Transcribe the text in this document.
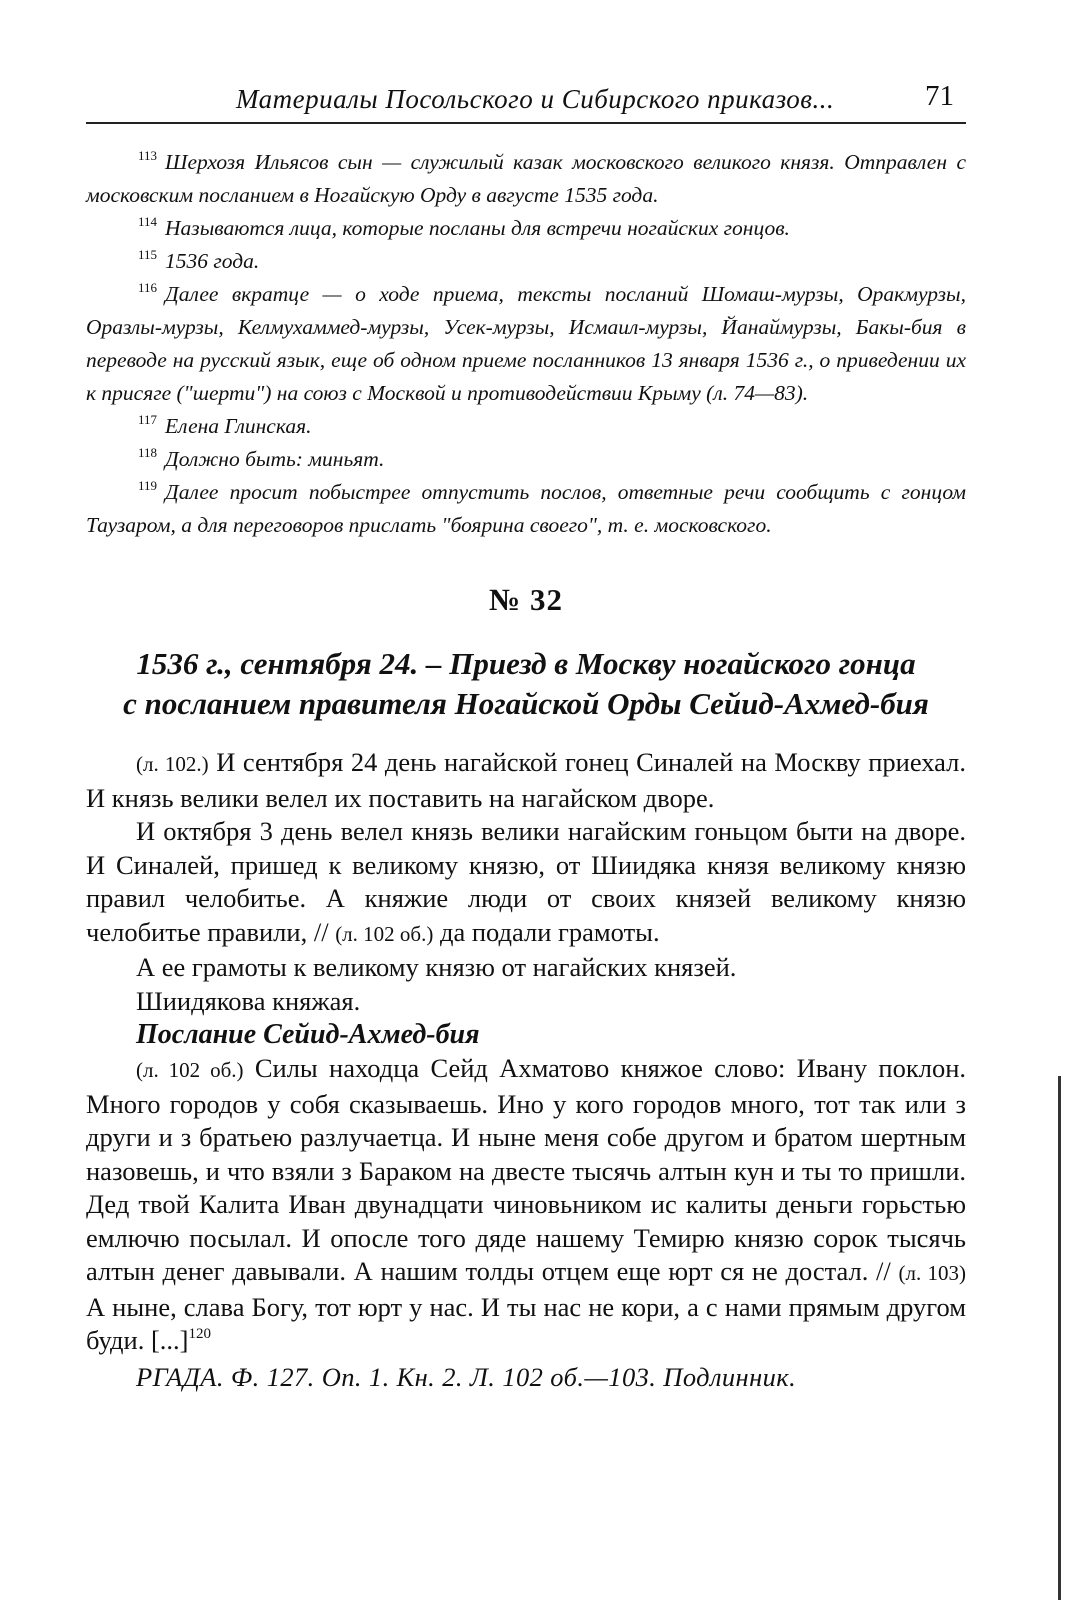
Материалы Посольского и Сибирского приказов...	71

$^{113}$ Шерхозя Ильясов сын — служилый казак московского великого князя. Отправлен с московским посланием в Ногайскую Орду в августе 1535 года.

$^{114}$ Называются лица, которые посланы для встречи ногайских гонцов.

$^{115}$ 1536 года.

$^{116}$ Далее вкратце — о ходе приема, тексты посланий Шомаш-мурзы, Оракмурзы, Оразлы-мурзы, Келмухаммед-мурзы, Усек-мурзы, Исмаил-мурзы, Йанаймурзы, Бакы-бия в переводе на русский язык, еще об одном приеме посланников 13 января 1536 г., о приведении их к присяге ("шерти") на союз с Москвой и противодействии Крыму (л. 74—83).

$^{117}$ Елена Глинская.

$^{118}$ Должно быть: миньят.

$^{119}$ Далее просит побыстрее отпустить послов, ответные речи сообщить с гонцом Таузаром, а для переговоров прислать "боярина своего", т. е. московского.

№ 32
1536 г., сентября 24. – Приезд в Москву ногайского гонца
с посланием правителя Ногайской Орды Сейид-Ахмед-бия

(л. 102.) И сентября 24 день нагайской гонец Синалей на Москву приехал. И князь велики велел их поставить на нагайском дворе.

И октября 3 день велел князь велики нагайским гоньцом быти на дворе. И Синалей, пришед к великому князю, от Шиидяка князя великому князю правил челобитье. А княжие люди от своих князей великому князю челобитье правили, // (л. 102 об.) да подали грамоты.

А ее грамоты к великому князю от нагайских князей.

Шиидякова княжая.

Послание Сейид-Ахмед-бия

(л. 102 об.) Силы находца Сейд Ахматово княжое слово: Ивану поклон. Много городов у собя сказываешь. Ино у кого городов много, тот так или з други и з братьею разлучаетца. И ныне меня собе другом и братом шертным назовешь, и что взяли з Бараком на двесте тысячь алтын кун и ты то пришли. Дед твой Калита Иван двунадцати чиновьником ис калиты деньги горьстью емлючю посылал. И опосле того дяде нашему Темирю князю сорок тысячь алтын денег давывали. А нашим толды отцем еще юрт ся не достал. // (л. 103) А ныне, слава Богу, тот юрт у нас. И ты нас не кори, а с нами прямым другом буди. [...]$^{120}$

РГАДА. Ф. 127. Оп. 1. Кн. 2. Л. 102 об.—103. Подлинник.
